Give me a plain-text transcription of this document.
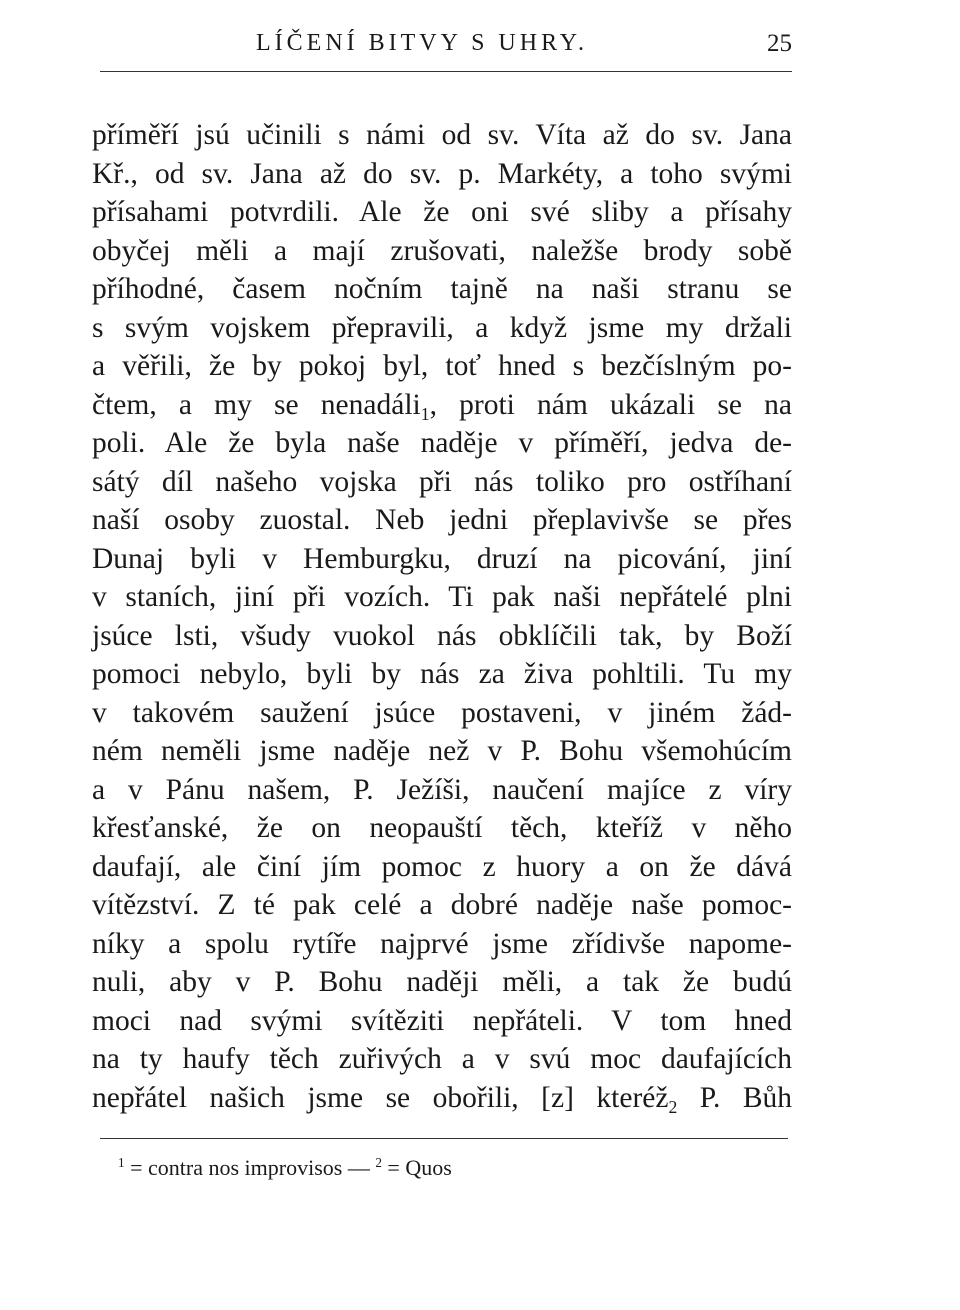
LÍČENÍ BITVY S UHRY.	25
příměří jsú učinili s námi od sv. Víta až do sv. Jana
Kř., od sv. Jana až do sv. p. Markéty, a toho svými
přísahami potvrdili. Ale že oni své sliby a přísahy
obyčej měli a mají zrušovati, naležše brody sobě
příhodné, časem nočním tajně na naši stranu se
s svým vojskem přepravili, a když jsme my držali
a věřili, že by pokoj byl, toť hned s bezčíslným po-
čtem, a my se nenadáli$_1$, proti nám ukázali se na
poli. Ale že byla naše naděje v příměří, jedva de-
sátý díl našeho vojska při nás toliko pro ostříhaní
naší osoby zuostal. Neb jedni přeplavivše se přes
Dunaj byli v Hemburgku, druzí na picování, jiní
v staních, jiní při vozích. Ti pak naši nepřátelé plni
jsúce lsti, všudy vuokol nás obklíčili tak, by Boží
pomoci nebylo, byli by nás za živa pohltili. Tu my
v takovém saužení jsúce postaveni, v jiném žád-
ném neměli jsme naděje než v P. Bohu všemohúcím
a v Pánu našem, P. Ježíši, naučení majíce z víry
křesťanské, že on neopauští těch, kteříž v něho
daufají, ale činí jím pomoc z huory a on že dává
vítězství. Z té pak celé a dobré naděje naše pomoc-
níky a spolu rytíře najprvé jsme zřídivše napome-
nuli, aby v P. Bohu naději měli, a tak že budú
moci nad svými svítěziti nepřáteli. V tom hned
na ty haufy těch zuřivých a v svú moc daufajících
nepřátel našich jsme se obořili, [z] kteréž$_2$ P. Bůh
$^1$ = contra nos improvisos — $^2$ = Quos
